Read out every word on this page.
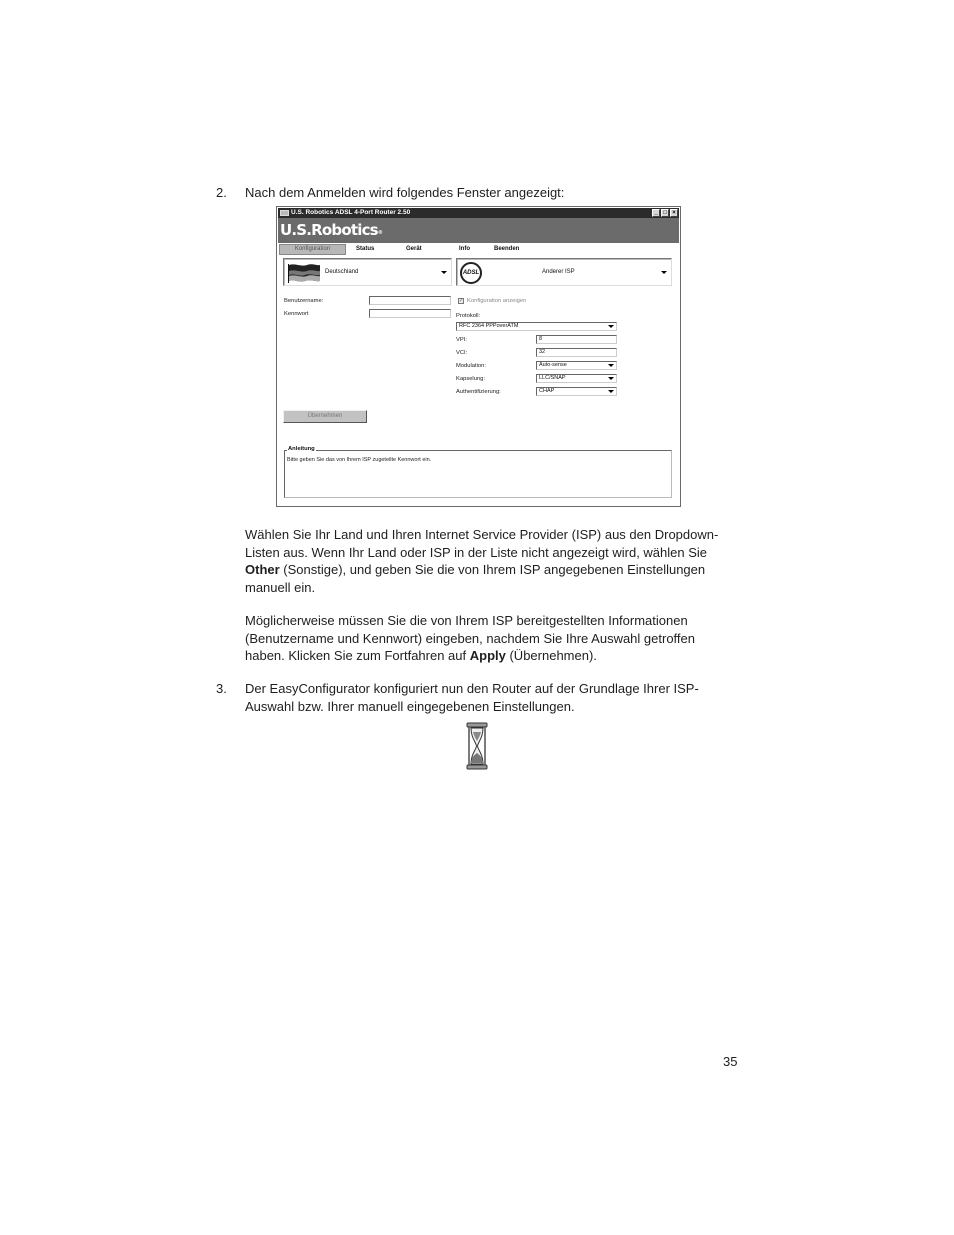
2. Nach dem Anmelden wird folgendes Fenster angezeigt:
U.S. Robotics ADSL 4-Port Router 2.50	_ □ ×
U.S.Robotics®
Konfiguration	Status	Gerät	Info	Beenden
Deutschland	ADSL	Anderer ISP
Benutzername:
Kennwort
✓ Konfiguration anzeigen
Protokoll:
RFC 2364 PPPoverATM
VPI:	8
VCI:	32
Modulation:	Auto-sense
Kapselung:	LLC/SNAP
Authentifizierung:	CHAP
Übernehmen
Anleitung
Bitte geben Sie das von Ihrem ISP zugeteilte Kennwort ein.
Wählen Sie Ihr Land und Ihren Internet Service Provider (ISP) aus den Dropdown-
Listen aus. Wenn Ihr Land oder ISP in der Liste nicht angezeigt wird, wählen Sie
Other (Sonstige), und geben Sie die von Ihrem ISP angegebenen Einstellungen
manuell ein.
Möglicherweise müssen Sie die von Ihrem ISP bereitgestellten Informationen
(Benutzername und Kennwort) eingeben, nachdem Sie Ihre Auswahl getroffen
haben. Klicken Sie zum Fortfahren auf Apply (Übernehmen).
3. Der EasyConfigurator konfiguriert nun den Router auf der Grundlage Ihrer ISP-
Auswahl bzw. Ihrer manuell eingegebenen Einstellungen.
35
